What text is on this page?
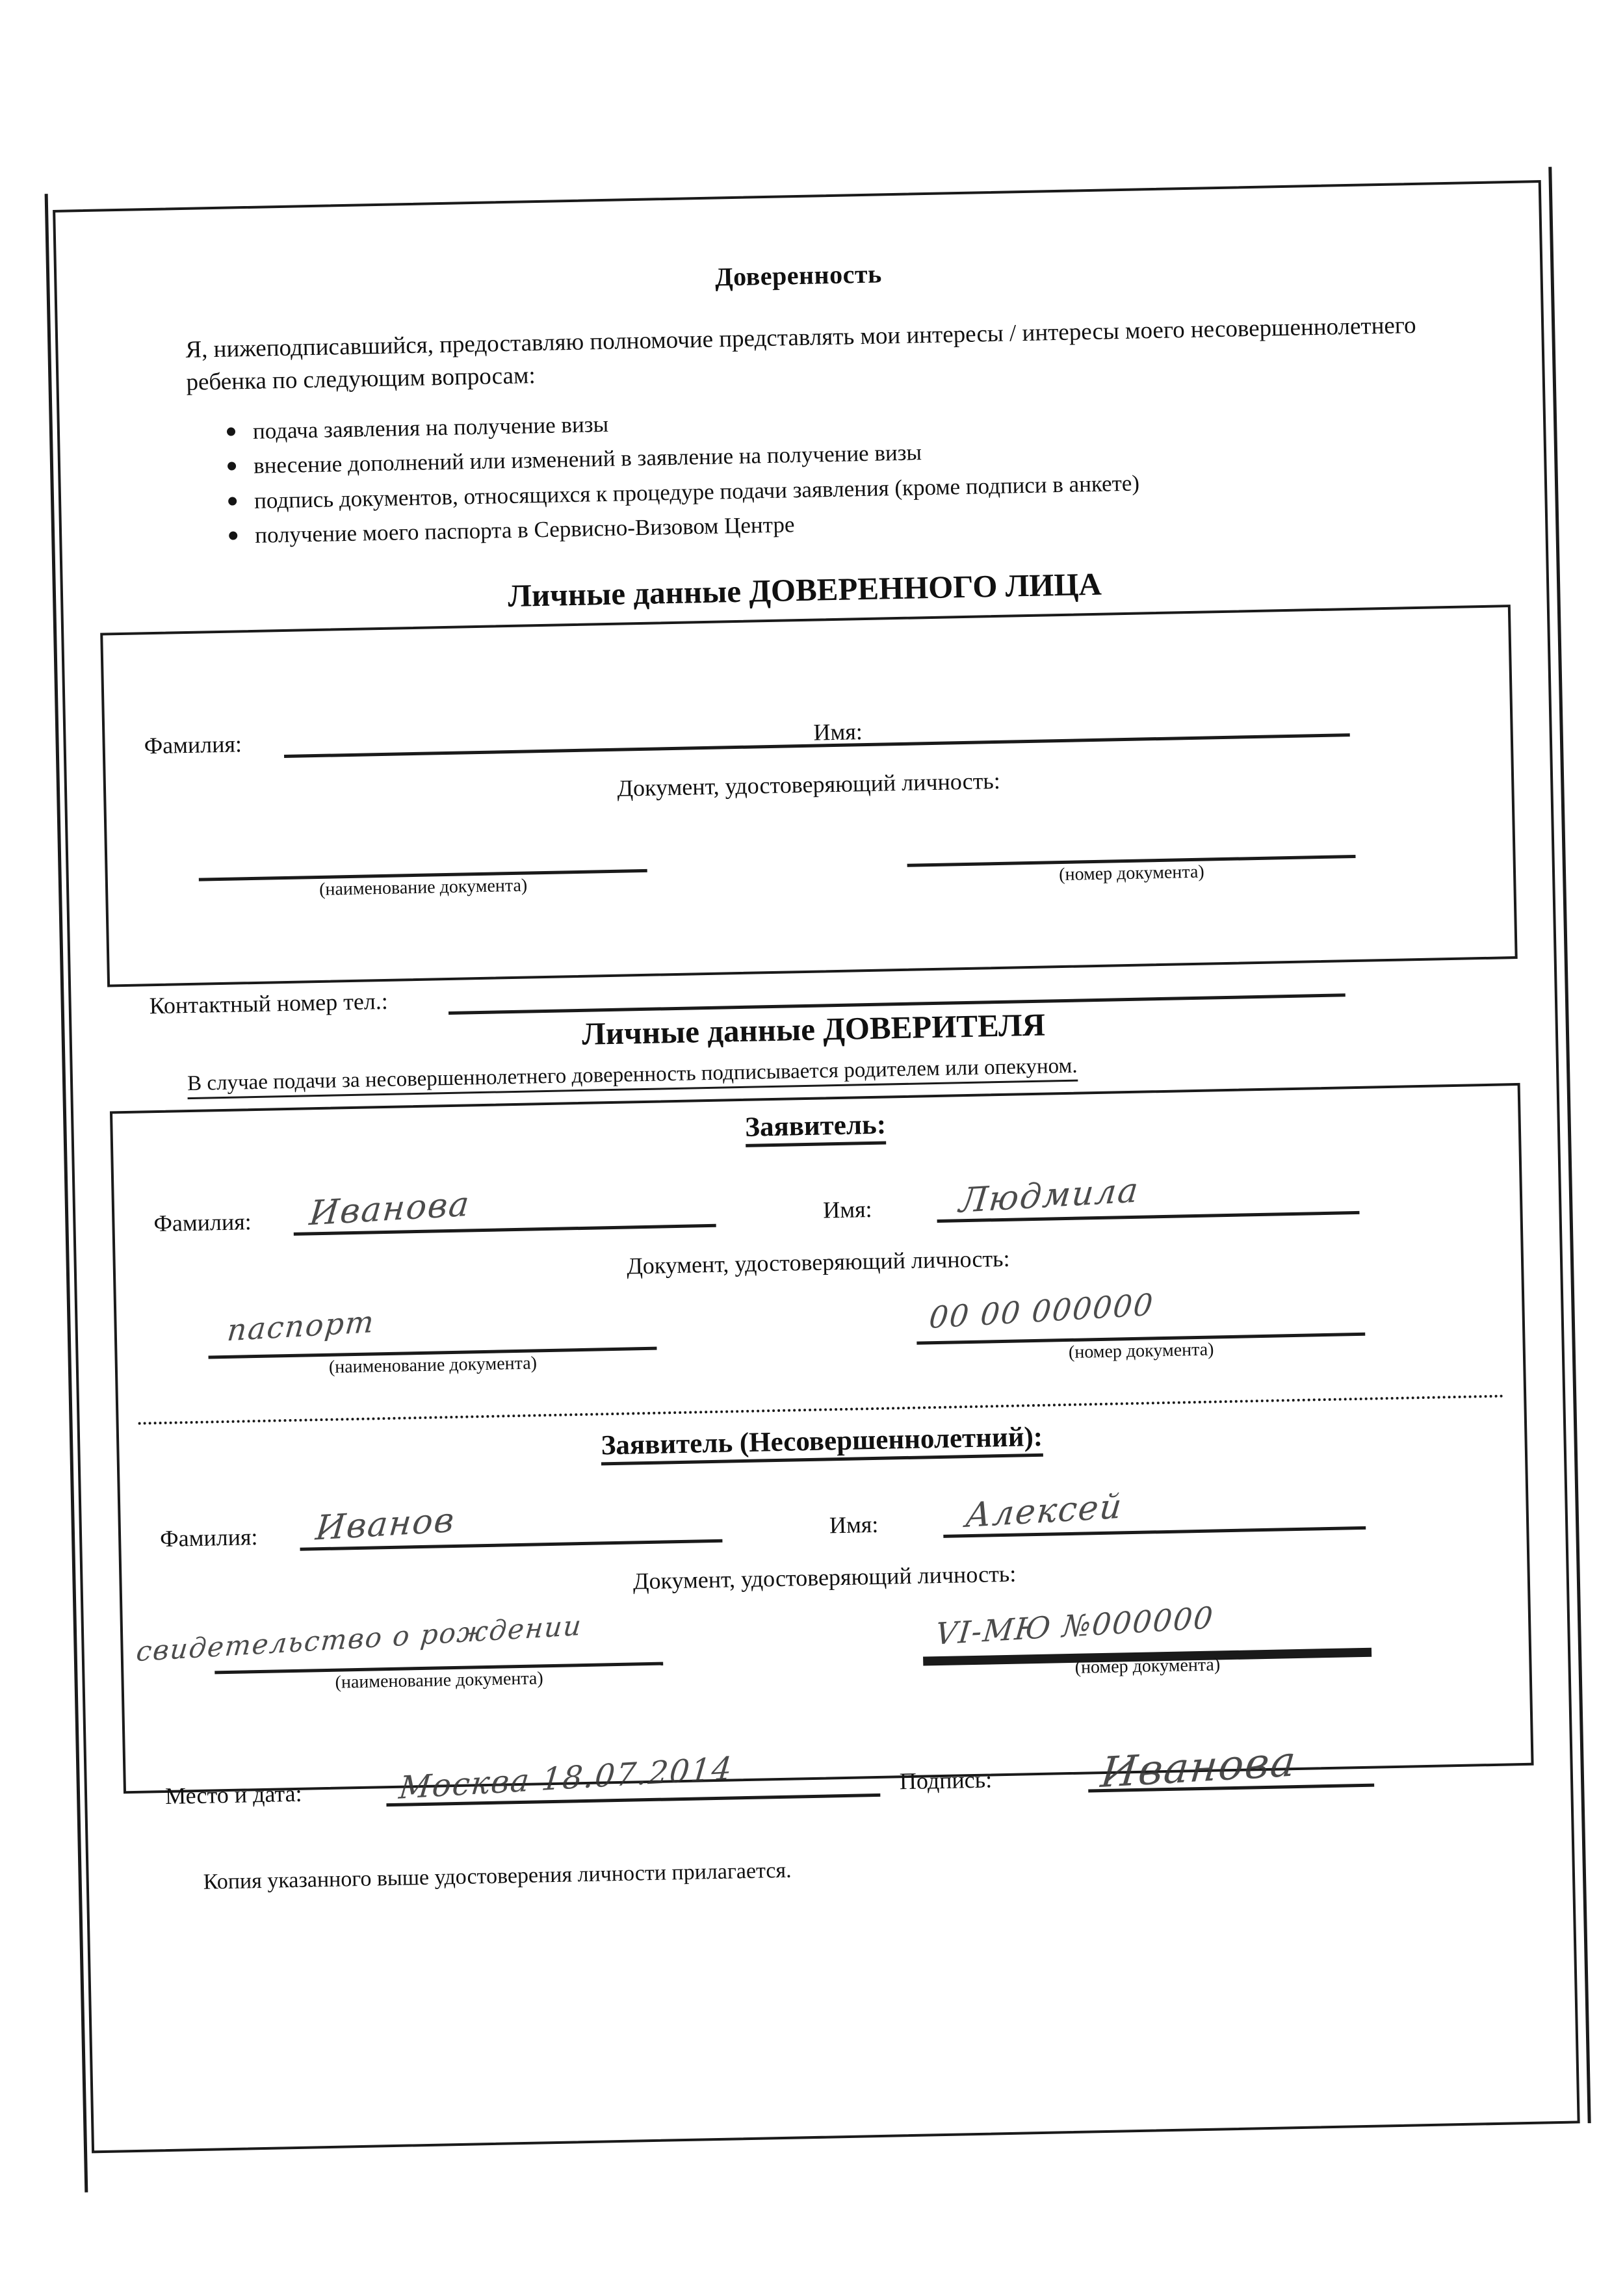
Доверенность
Я, нижеподписавшийся, предоставляю полномочие представлять мои интересы / интересы моего несовершеннолетнего ребенка по следующим вопросам:
подача заявления на получение визы
внесение дополнений или изменений в заявление на получение визы
подпись документов, относящихся к процедуре подачи заявления (кроме подписи в анкете)
получение моего паспорта в Сервисно-Визовом Центре
Личные данные ДОВЕРЕННОГО ЛИЦА
Фамилия:	Имя:
Документ, удостоверяющий личность:
(наименование документа)
(номер документа)
Контактный номер тел.:
Личные данные ДОВЕРИТЕЛЯ
В случае подачи за несовершеннолетнего доверенность подписывается родителем или опекуном.
Заявитель:
Фамилия: Иванова	Имя:	Людмила
Документ, удостоверяющий личность:
паспорт
(наименование документа)
00 00 000000
(номер документа)
Заявитель (Несовершеннолетний):
Фамилия: Иванов	Имя:	Алексей
Документ, удостоверяющий личность:
свидетельство о рождении
(наименование документа)
VI-МЮ №000000
(номер документа)
Место и дата:	Москва 18.07.2014	Подпись:	Иванова
Копия указанного выше удостоверения личности прилагается.
